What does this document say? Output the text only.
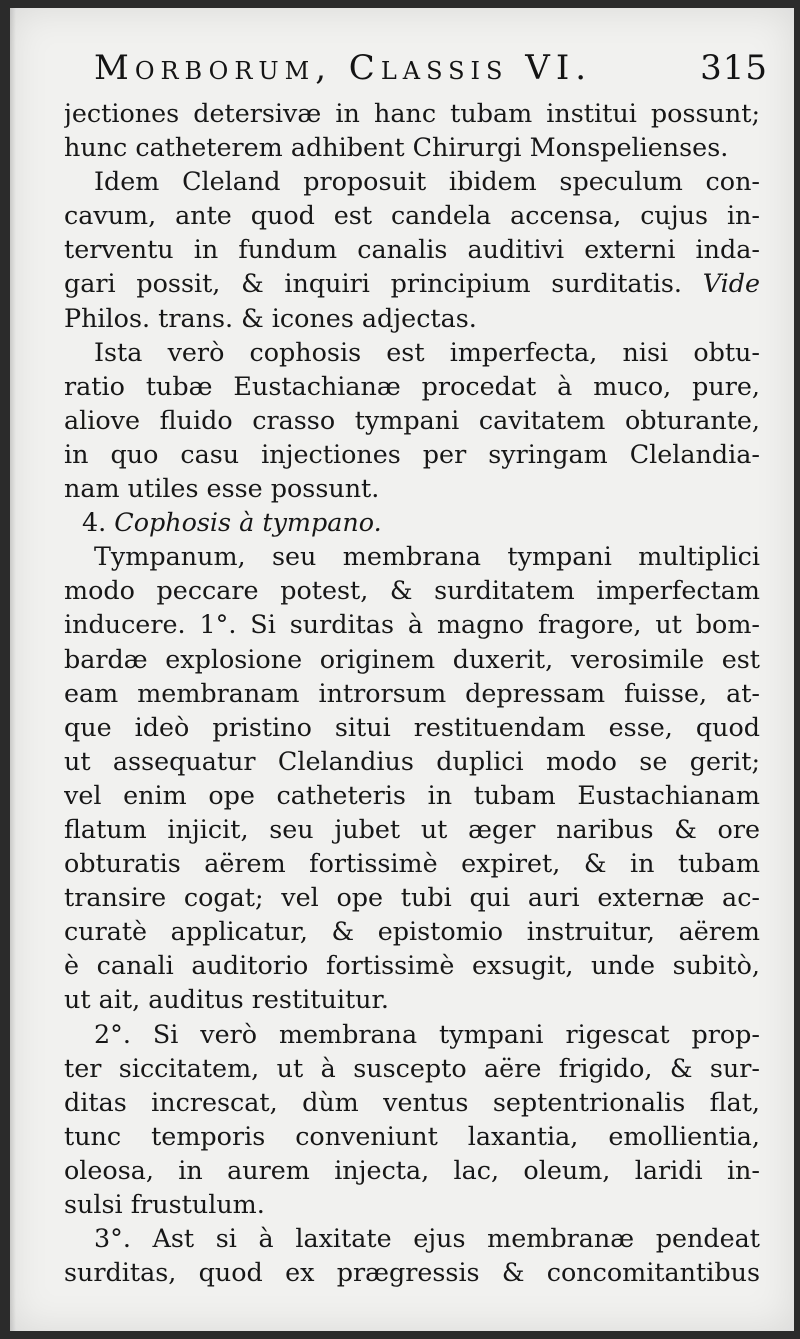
Morborum, Classis VI.	315
jectiones detersivæ in hanc tubam institui possunt;
hunc catheterem adhibent Chirurgi Monspelienses.
Idem Cleland proposuit ibidem speculum con-
cavum, ante quod est candela accensa, cujus in-
terventu in fundum canalis auditivi externi inda-
gari possit, & inquiri principium surditatis. Vide
Philos. trans. & icones adjectas.
Ista verò cophosis est imperfecta, nisi obtu-
ratio tubæ Eustachianæ procedat à muco, pure,
aliove fluido crasso tympani cavitatem obturante,
in quo casu injectiones per syringam Clelandia-
nam utiles esse possunt.
4. Cophosis à tympano.
Tympanum, seu membrana tympani multiplici
modo peccare potest, & surditatem imperfectam
inducere. 1°. Si surditas à magno fragore, ut bom-
bardæ explosione originem duxerit, verosimile est
eam membranam introrsum depressam fuisse, at-
que ideò pristino situi restituendam esse, quod
ut assequatur Clelandius duplici modo se gerit;
vel enim ope catheteris in tubam Eustachianam
flatum injicit, seu jubet ut æger naribus & ore
obturatis aërem fortissimè expiret, & in tubam
transire cogat; vel ope tubi qui auri externæ ac-
curatè applicatur, & epistomio instruitur, aërem
è canali auditorio fortissimè exsugit, unde subitò,
ut ait, auditus restituitur.
2°. Si verò membrana tympani rigescat prop-
ter siccitatem, ut à suscepto aëre frigido, & sur-
ditas increscat, dùm ventus septentrionalis flat,
tunc temporis conveniunt laxantia, emollientia,
oleosa, in aurem injecta, lac, oleum, laridi in-
sulsi frustulum.
3°. Ast si à laxitate ejus membranæ pendeat
surditas, quod ex prægressis & concomitantibus
